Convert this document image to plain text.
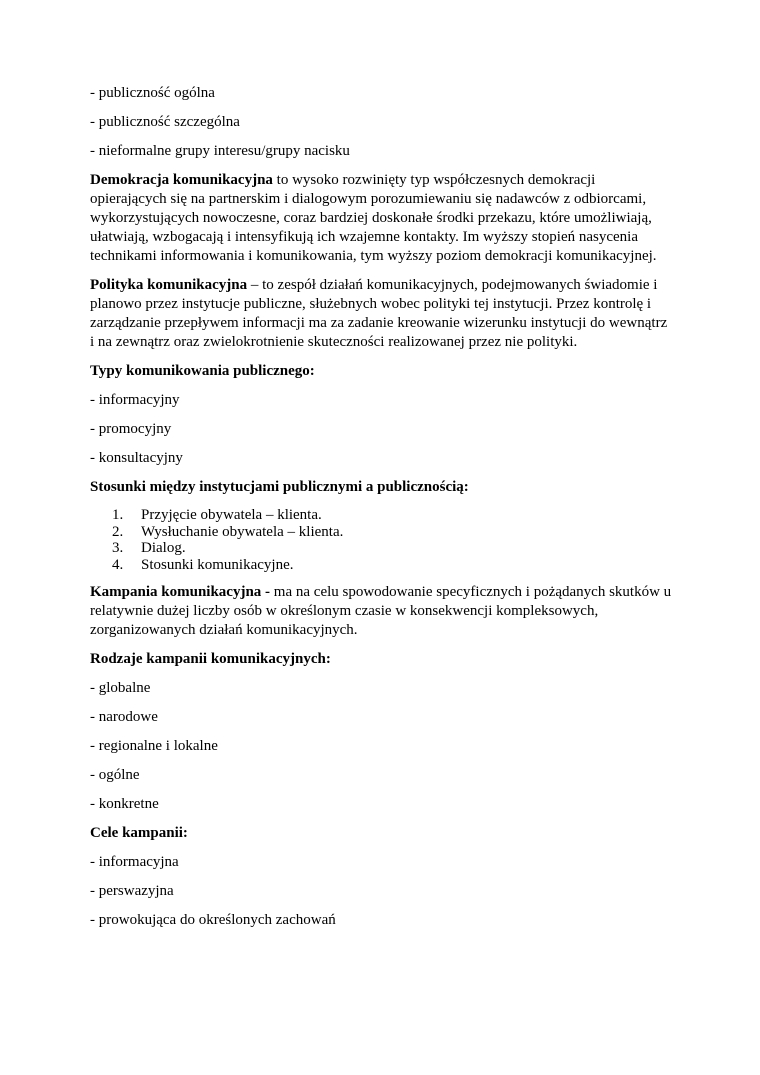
- publiczność ogólna

- publiczność szczególna

- nieformalne grupy interesu/grupy nacisku

Demokracja komunikacyjna to wysoko rozwinięty typ współczesnych demokracji opierających się na partnerskim i dialogowym porozumiewaniu się nadawców z odbiorcami, wykorzystujących nowoczesne, coraz bardziej doskonałe środki przekazu, które umożliwiają, ułatwiają, wzbogacają i intensyfikują ich wzajemne kontakty. Im wyższy stopień nasycenia technikami informowania i komunikowania, tym wyższy poziom demokracji komunikacyjnej.

Polityka komunikacyjna – to zespół działań komunikacyjnych, podejmowanych świadomie i planowo przez instytucje publiczne, służebnych wobec polityki tej instytucji. Przez kontrolę i zarządzanie przepływem informacji ma za zadanie kreowanie wizerunku instytucji do wewnątrz i na zewnątrz oraz zwielokrotnienie skuteczności realizowanej przez nie polityki.

Typy komunikowania publicznego:

- informacyjny

- promocyjny

- konsultacyjny

Stosunki między instytucjami publicznymi a publicznością:

1.	Przyjęcie obywatela – klienta.
2.	Wysłuchanie obywatela – klienta.
3.	Dialog.
4.	Stosunki komunikacyjne.

Kampania komunikacyjna - ma na celu spowodowanie specyficznych i pożądanych skutków u relatywnie dużej liczby osób w określonym czasie w konsekwencji kompleksowych, zorganizowanych działań komunikacyjnych.

Rodzaje kampanii komunikacyjnych:

- globalne

- narodowe

- regionalne i lokalne

- ogólne

- konkretne

Cele kampanii:

- informacyjna

- perswazyjna

- prowokująca do określonych zachowań
